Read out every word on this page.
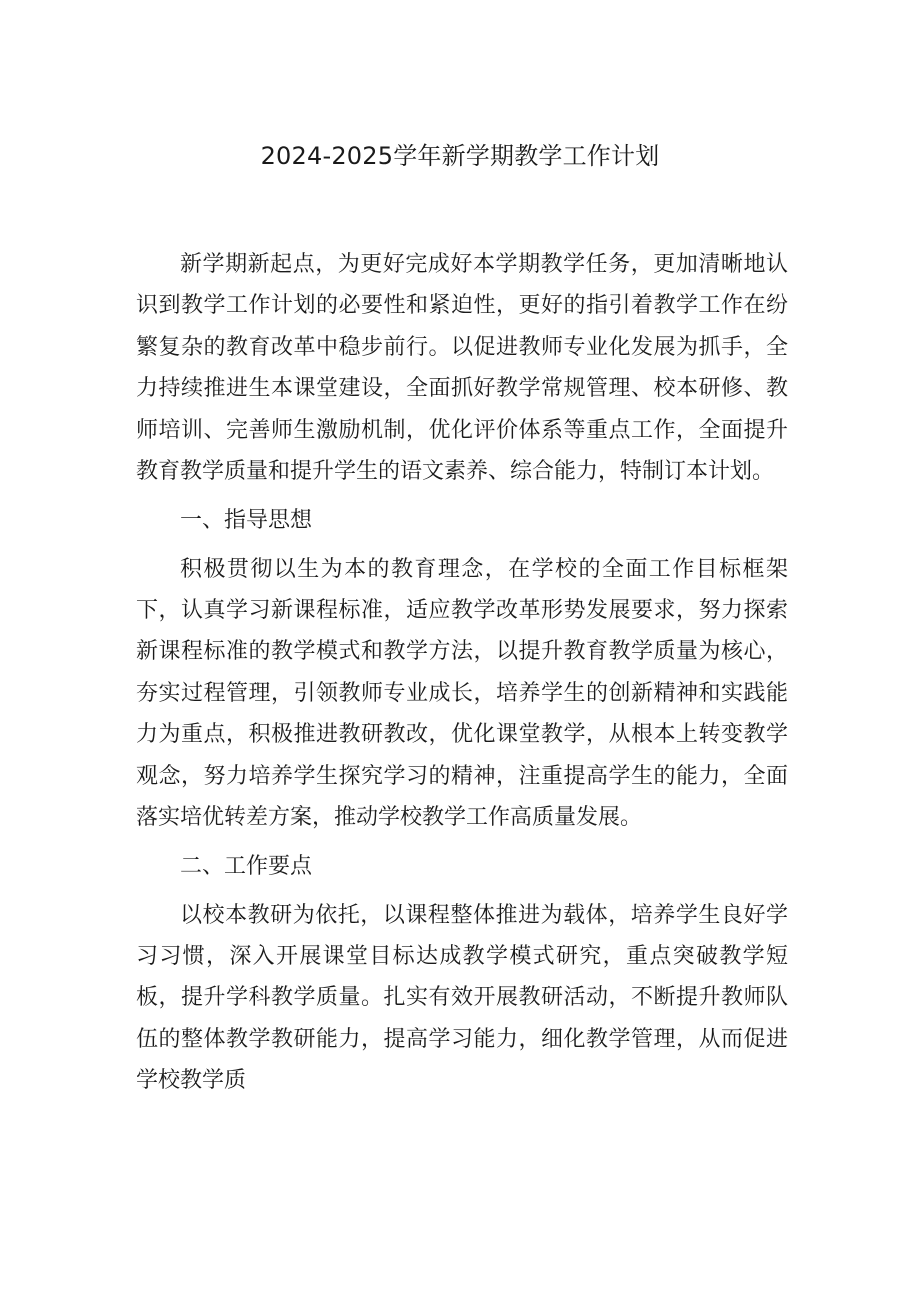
2024-2025学年新学期教学工作计划

新学期新起点，为更好完成好本学期教学任务，更加清晰地认识到教学工作计划的必要性和紧迫性，更好的指引着教学工作在纷繁复杂的教育改革中稳步前行。以促进教师专业化发展为抓手，全力持续推进生本课堂建设，全面抓好教学常规管理、校本研修、教师培训、完善师生激励机制，优化评价体系等重点工作，全面提升教育教学质量和提升学生的语文素养、综合能力，特制订本计划。

一、指导思想

积极贯彻以生为本的教育理念，在学校的全面工作目标框架下，认真学习新课程标准，适应教学改革形势发展要求，努力探索新课程标准的教学模式和教学方法，以提升教育教学质量为核心，夯实过程管理，引领教师专业成长，培养学生的创新精神和实践能力为重点，积极推进教研教改，优化课堂教学，从根本上转变教学观念，努力培养学生探究学习的精神，注重提高学生的能力，全面落实培优转差方案，推动学校教学工作高质量发展。

二、工作要点

以校本教研为依托，以课程整体推进为载体，培养学生良好学习习惯，深入开展课堂目标达成教学模式研究，重点突破教学短板，提升学科教学质量。扎实有效开展教研活动，不断提升教师队伍的整体教学教研能力，提高学习能力，细化教学管理，从而促进学校教学质
